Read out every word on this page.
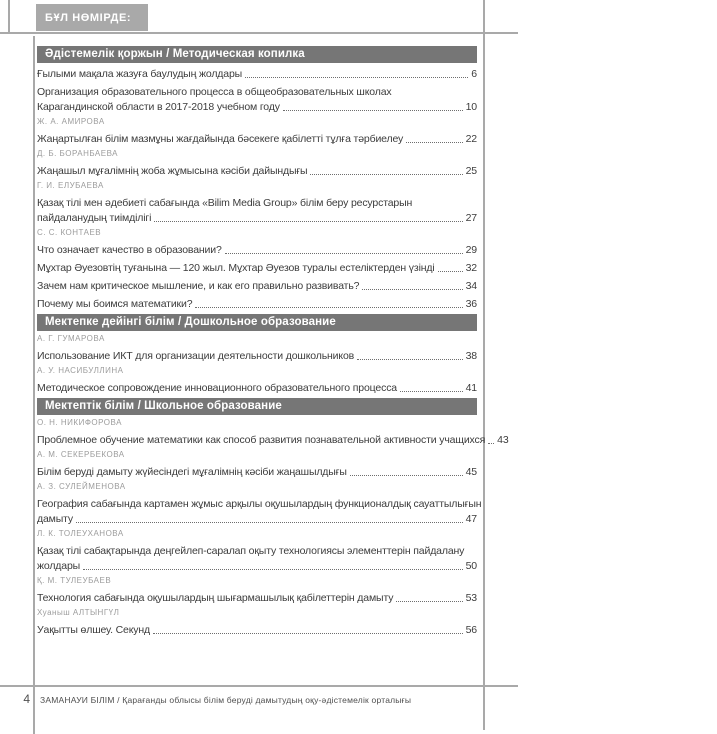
БҰЛ НӨМІРДЕ:
Әдістемелік қоржын / Методическая копилка
Ғылыми мақала жазуға баулудың жолдары	6
Организация образовательного процесса в общеобразовательных школах
Карагандинской области в 2017-2018 учебном году	10
Ж. А. АМИРОВА
Жаңартылған білім мазмұны жағдайында бәсекеге қабілетті тұлға тәрбиелеу	22
Д. Б. БОРАНБАЕВА
Жаңашыл мұғалімнің жоба жұмысына кәсіби дайындығы	25
Г. И. ЕЛУБАЕВА
Қазақ тілі мен әдебиеті сабағында «Bilim Media Group» білім беру ресурстарын
пайдаланудың тиімділігі	27
С. С. КОНТАЕВ
Что означает качество в образовании?	29
Мұхтар Әуезовтің туғанына — 120 жыл. Мұхтар Әуезов туралы естеліктерден үзінді	32
Зачем нам критическое мышление, и как его правильно развивать?	34
Почему мы боимся математики?	36
Мектепке дейінгі білім / Дошкольное образование
А. Г. ГУМАРОВА
Использование ИКТ для организации деятельности дошкольников	38
А. У. НАСИБУЛЛИНА
Методическое сопровождение инновационного образовательного процесса	41
Мектептік білім / Школьное образование
О. Н. НИКИФОРОВА
Проблемное обучение математики как способ развития познавательной активности учащихся 43
А. М. СЕКЕРБЕКОВА
Білім беруді дамыту жүйесіндегі мұғалімнің кәсіби жаңашылдығы	45
А. З. СУЛЕЙМЕНОВА
География сабағында картамен жұмыс арқылы оқушылардың функционалдық сауаттылығын
дамыту	47
Л. К. ТОЛЕУХАНОВА
Қазақ тілі сабақтарында деңгейлеп-саралап оқыту технологиясы элементтерін пайдалану
жолдары	50
Қ. М. ТУЛЕУБАЕВ
Технология сабағында оқушылардың шығармашылық қабілеттерін дамыту	53
Хуаныш АЛТЫНГҮЛ
Уақытты өлшеу. Секунд	56
4 ЗАМАНАУИ БІЛІМ / Қарағанды облысы білім беруді дамытудың оқу-әдістемелік орталығы
